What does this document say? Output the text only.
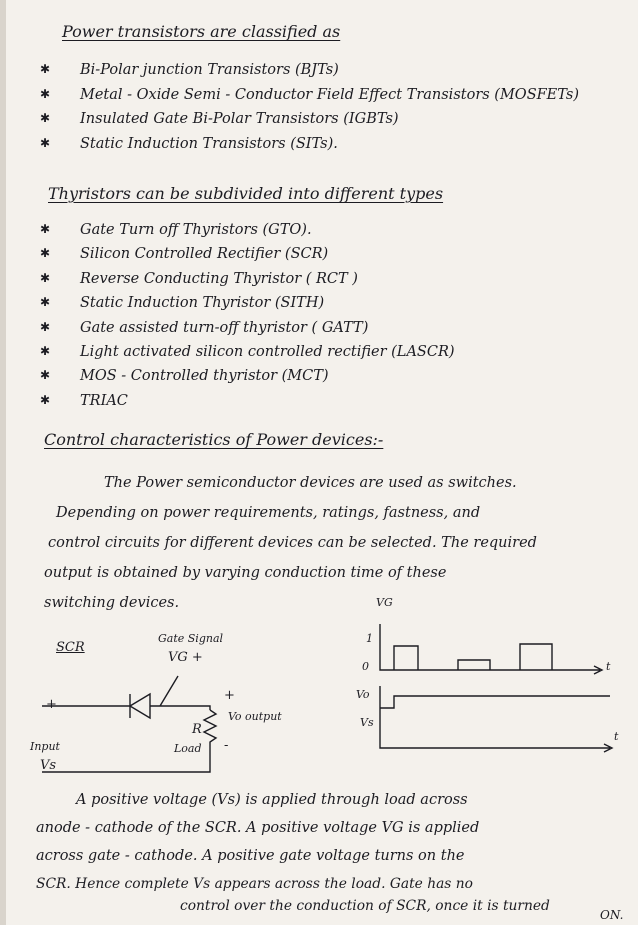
Power transistors are classified as
✱ Bi-Polar junction Transistors (BJTs)
✱ Metal - Oxide Semi - Conductor Field Effect Transistors (MOSFETs)
✱ Insulated Gate Bi-Polar Transistors (IGBTs)
✱ Static Induction Transistors (SITs).
Thyristors can be subdivided into different types
✱ Gate Turn off Thyristors (GTO).
✱ Silicon Controlled Rectifier (SCR)
✱ Reverse Conducting Thyristor ( RCT )
✱ Static Induction Thyristor (SITH)
✱ Gate assisted turn-off thyristor ( GATT)
✱ Light activated silicon controlled rectifier (LASCR)
✱ MOS - Controlled thyristor (MCT)
✱ TRIAC
Control characteristics of Power devices:-
The Power semiconductor devices are used as switches.
Depending on power requirements, ratings, fastness, and
control circuits for different devices can be selected. The required
output is obtained by varying conduction time of these
switching devices.
SCR
Gate Signal
VG +
+
+
-
Input
Vs
R
Load
Vo output
VG
1
0	t
Vo
Vs
t
A positive voltage (Vs) is applied through load across
anode - cathode of the SCR. A positive voltage VG is applied
across gate - cathode. A positive gate voltage turns on the
SCR. Hence complete Vs appears across the load. Gate has no
control over the conduction of SCR, once it is turned
ON.
